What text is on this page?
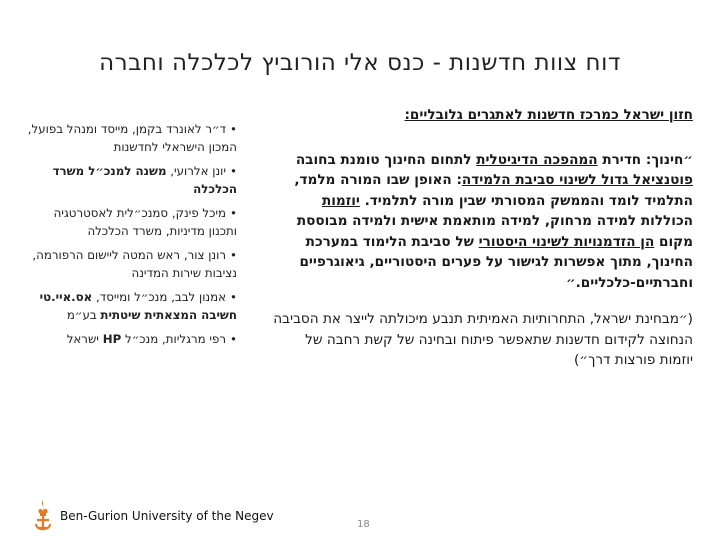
דוח צוות חדשנות - כנס אלי הורוביץ לכלכלה וחברה

חזון ישראל כמרכז חדשנות לאתגרים גלובליים:

״חינוך: חדירת המהפכה הדיגיטלית לתחום החינוך טומנת בחובה פוטנציאל גדול לשינוי סביבת הלמידה: האופן שבו המורה מלמד, התלמיד לומד והממשק המסורתי שבין מורה לתלמיד. יוזמות הכוללות למידה מרחוק, למידה מותאמת אישית ולמידה מבוססת מקום הן הזדמנויות לשינוי היסטורי של סביבת הלימוד במערכת החינוך, מתוך אפשרות לגישור על פערים היסטוריים, גיאוגרפיים וחברתיים-כלכליים.״

(״מבחינת ישראל, התחרותיות האמיתית תנבע מיכולתה לייצר את הסביבה הנחוצה לקידום חדשנות שתאפשר פיתוח ובחינה של קשת רחבה של יוזמות פורצות דרך״)

•ד״ר לאונרד בקמן, מייסד ומנהל בפועל, המכון הישראלי לחדשנות
•יונן אלרועי, משנה למנכ״ל משרד הכלכלה
•מיכל פינק, סמנכ״לית לאסטרטגיה ותכנון מדיניות, משרד הכלכלה
•רונן צור, ראש המטה ליישום הרפורמה, נציבות שירות המדינה
•אמנון לבב, מנכ״ל ומייסד, אס.איי.טי חשיבה המצאתית שיטתית בע״מ
•רפי מרגליות, מנכ״ל HP ישראל
Ben-Gurion University of the Negev
18
